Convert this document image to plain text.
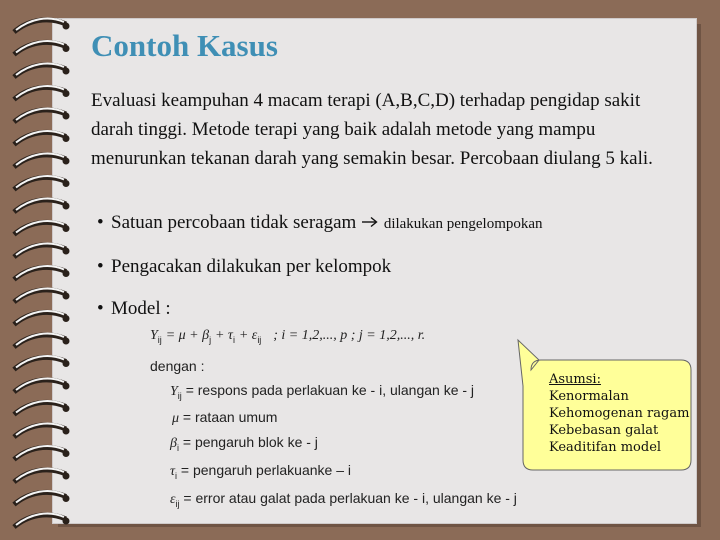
Contoh Kasus
Evaluasi keampuhan 4 macam terapi (A,B,C,D) terhadap pengidap sakit darah tinggi. Metode terapi yang baik adalah metode yang mampu menurunkan tekanan darah yang semakin besar. Percobaan diulang 5 kali.
• Satuan percobaan tidak seragam dilakukan pengelompokan
• Pengacakan dilakukan per kelompok
• Model :
$Y_{ij} = \mu + \beta_j + \tau_i + \varepsilon_{ij}$ ; i = 1,2,..., p ; j = 1,2,..., r.
dengan :
$Y_{ij}$ = respons pada perlakuan ke - i, ulangan ke - j
μ = rataan umum
$\beta_i$ = pengaruh blok ke - j
$\tau_i$ = pengaruh perlakuanke – i
$\varepsilon_{ij}$ = error atau galat pada perlakuan ke - i, ulangan ke - j
Asumsi:
Kenormalan
Kehomogenan ragam
Kebebasan galat
Keaditifan model
